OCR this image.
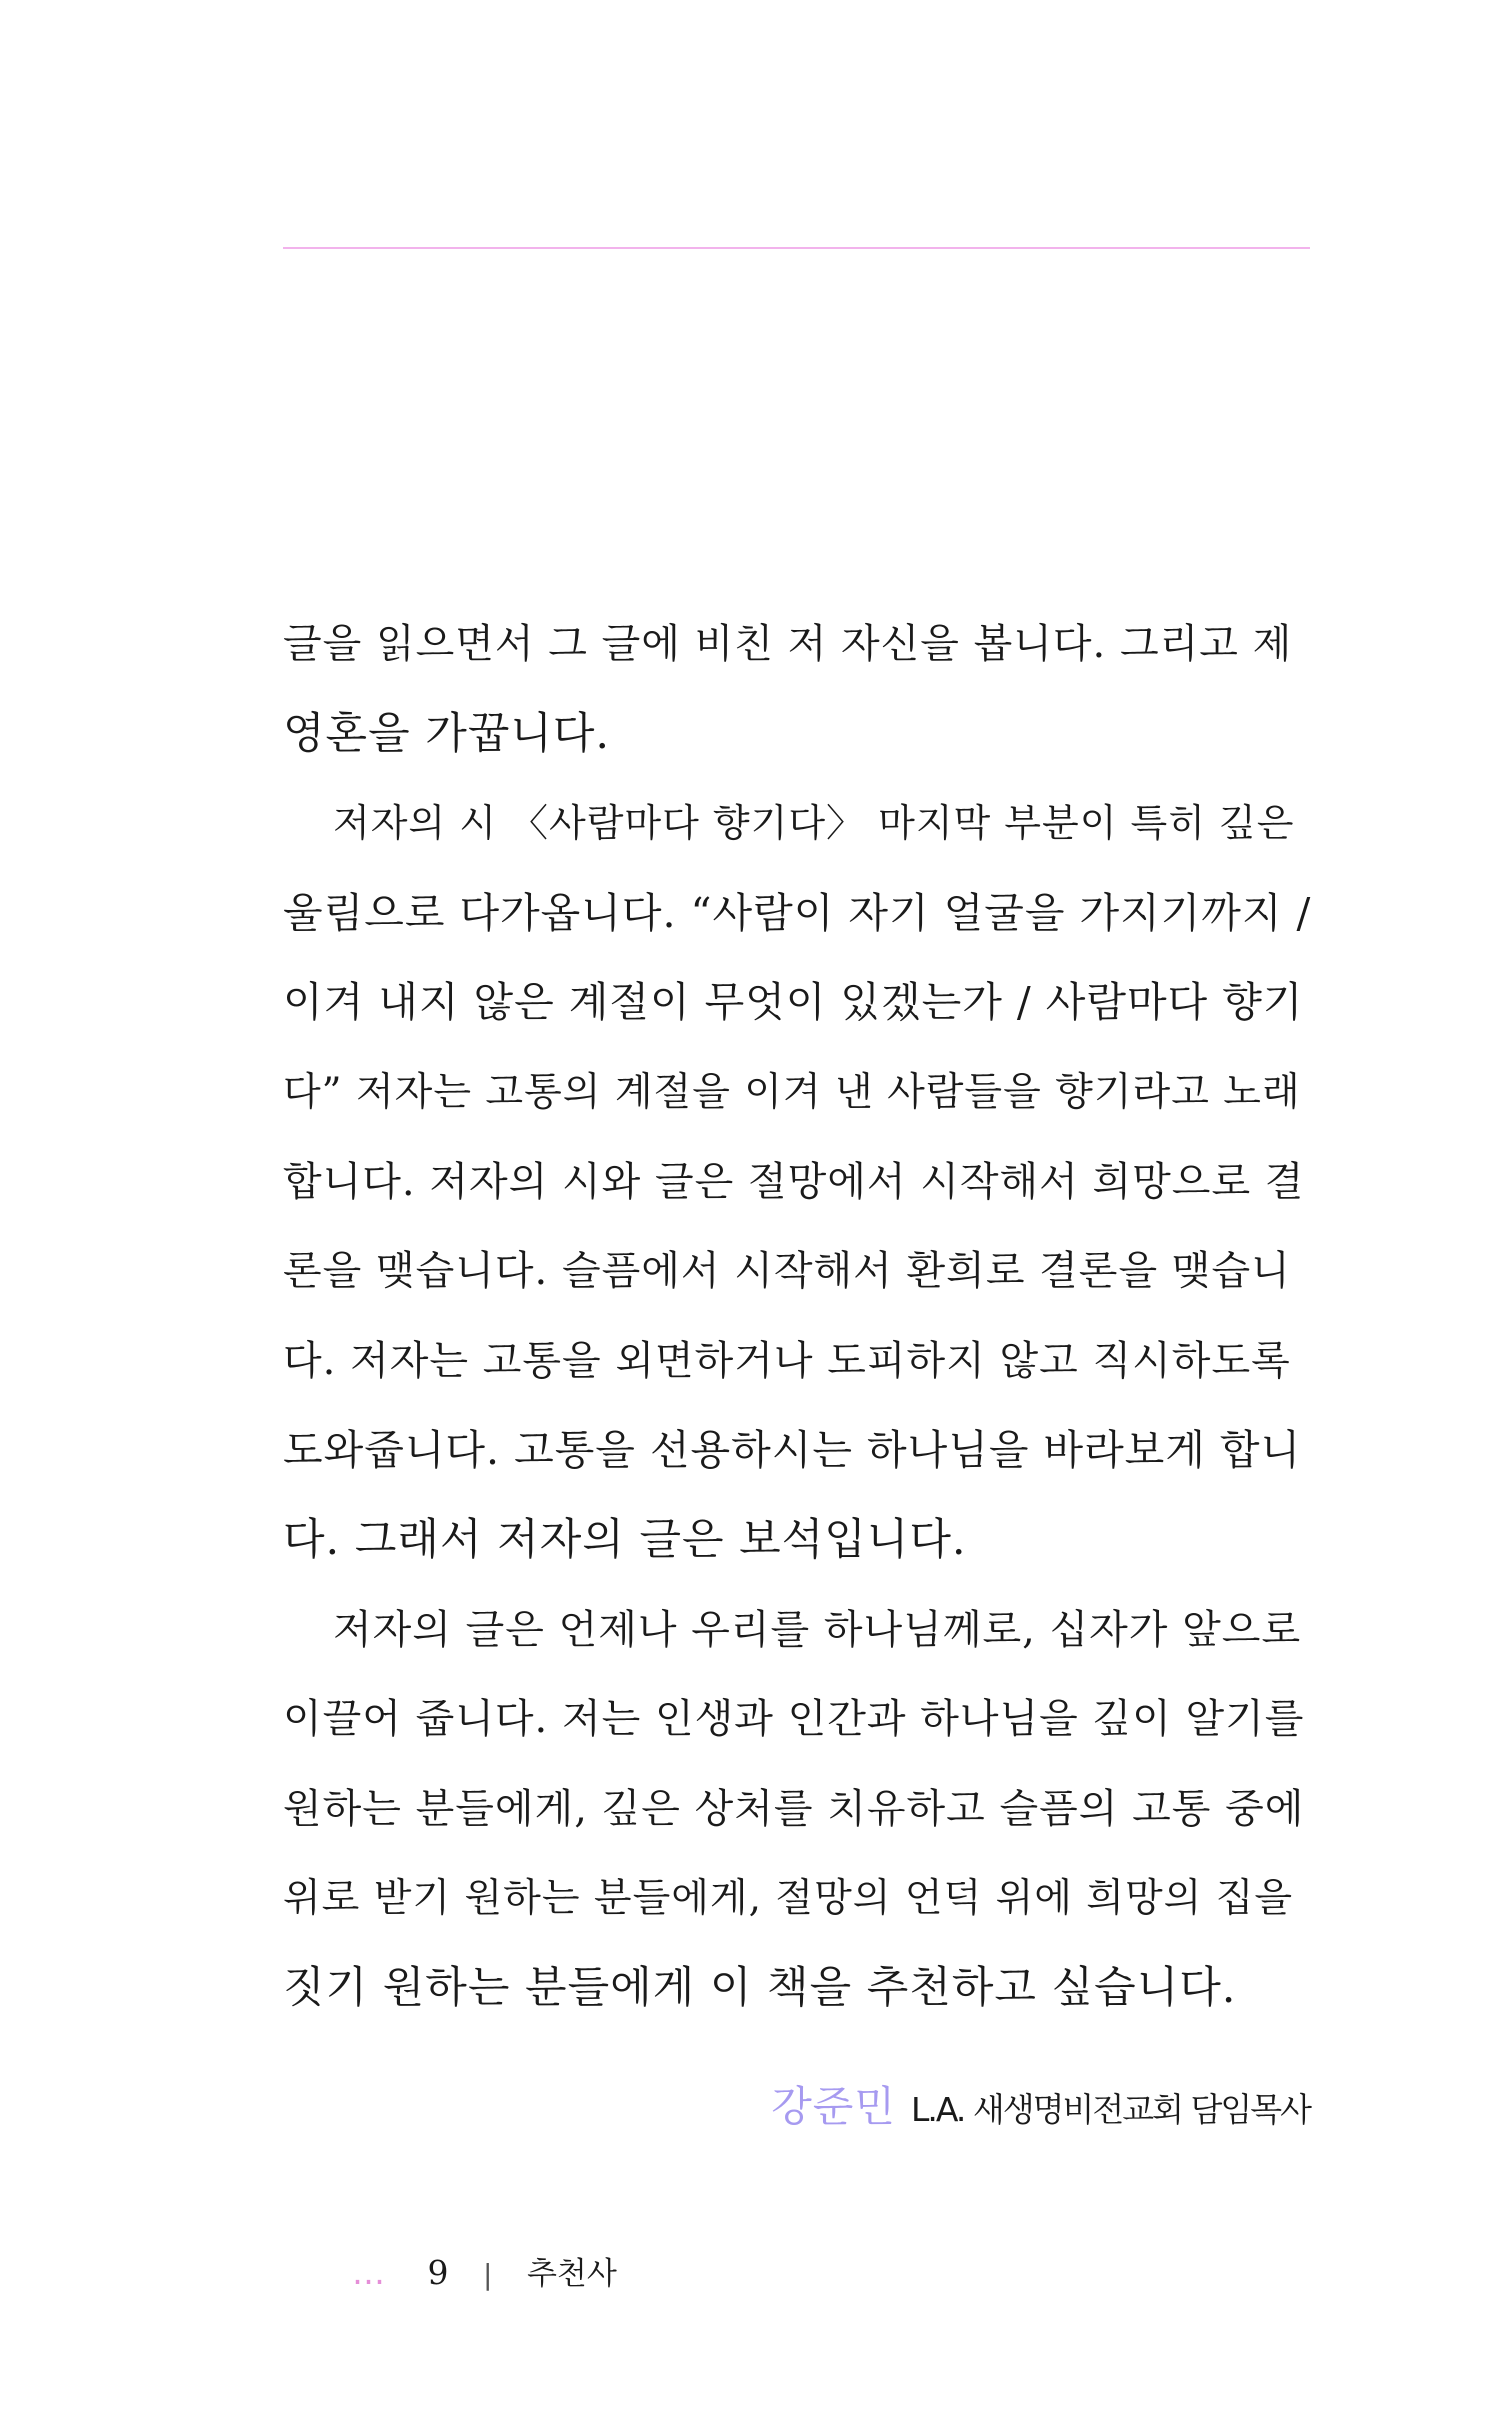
글을 읽으면서 그 글에 비친 저 자신을 봅니다. 그리고 제
영혼을 가꿉니다.
저자의 시 〈사람마다 향기다〉 마지막 부분이 특히 깊은
울림으로 다가옵니다. “사람이 자기 얼굴을 가지기까지 /
이겨 내지 않은 계절이 무엇이 있겠는가 / 사람마다 향기
다” 저자는 고통의 계절을 이겨 낸 사람들을 향기라고 노래
합니다. 저자의 시와 글은 절망에서 시작해서 희망으로 결
론을 맺습니다. 슬픔에서 시작해서 환희로 결론을 맺습니
다. 저자는 고통을 외면하거나 도피하지 않고 직시하도록
도와줍니다. 고통을 선용하시는 하나님을 바라보게 합니
다. 그래서 저자의 글은 보석입니다.
저자의 글은 언제나 우리를 하나님께로, 십자가 앞으로
이끌어 줍니다. 저는 인생과 인간과 하나님을 깊이 알기를
원하는 분들에게, 깊은 상처를 치유하고 슬픔의 고통 중에
위로 받기 원하는 분들에게, 절망의 언덕 위에 희망의 집을
짓기 원하는 분들에게 이 책을 추천하고 싶습니다.
강준민 L.A. 새생명비전교회 담임목사
… 9 | 추천사
